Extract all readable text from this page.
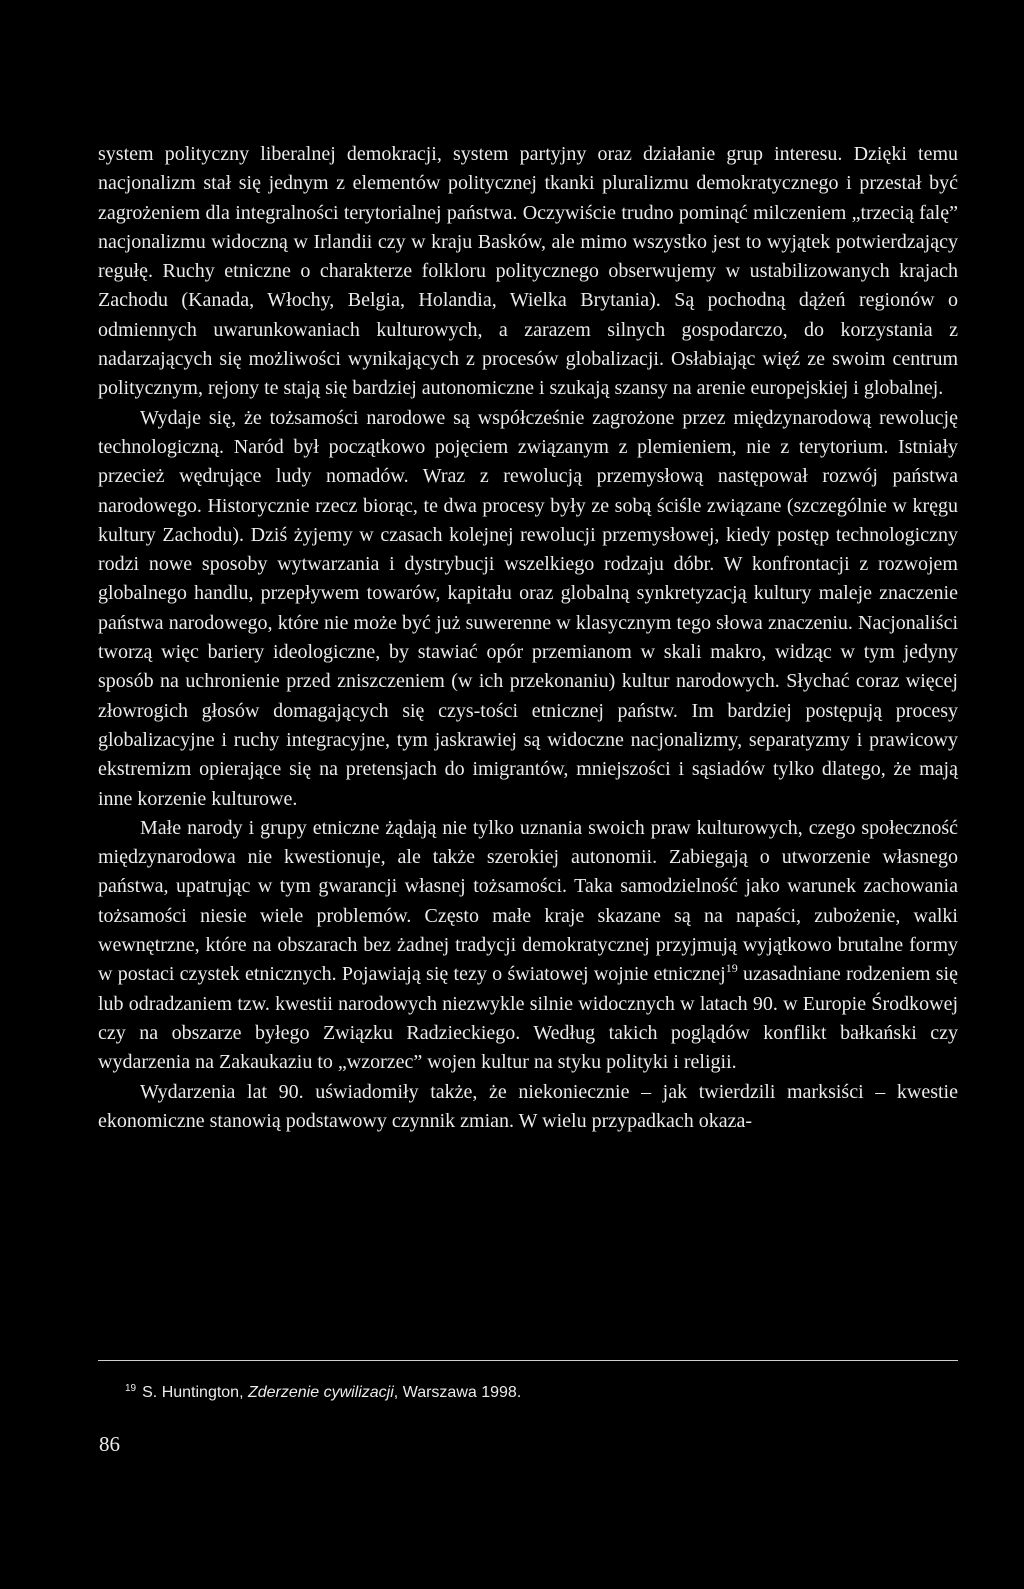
system polityczny liberalnej demokracji, system partyjny oraz działanie grup interesu. Dzięki temu nacjonalizm stał się jednym z elementów politycznej tkanki pluralizmu demokratycznego i przestał być zagrożeniem dla integralności terytorialnej państwa. Oczywiście trudno pominąć milczeniem „trzecią falę” nacjonalizmu widoczną w Irlandii czy w kraju Basków, ale mimo wszystko jest to wyjątek potwierdzający regułę. Ruchy etniczne o charakterze folkloru politycznego obserwujemy w ustabilizowanych krajach Zachodu (Kanada, Włochy, Belgia, Holandia, Wielka Brytania). Są pochodną dążeń regionów o odmiennych uwarunkowaniach kulturowych, a zarazem silnych gospodarczo, do korzystania z nadarzających się możliwości wynikających z procesów globalizacji. Osłabiając więź ze swoim centrum politycznym, rejony te stają się bardziej autonomiczne i szukają szansy na arenie europejskiej i globalnej.

Wydaje się, że tożsamości narodowe są współcześnie zagrożone przez międzynarodową rewolucję technologiczną. Naród był początkowo pojęciem związanym z plemieniem, nie z terytorium. Istniały przecież wędrujące ludy nomadów. Wraz z rewolucją przemysłową następował rozwój państwa narodowego. Historycznie rzecz biorąc, te dwa procesy były ze sobą ściśle związane (szczególnie w kręgu kultury Zachodu). Dziś żyjemy w czasach kolejnej rewolucji przemysłowej, kiedy postęp technologiczny rodzi nowe sposoby wytwarzania i dystrybucji wszelkiego rodzaju dóbr. W konfrontacji z rozwojem globalnego handlu, przepływem towarów, kapitału oraz globalną synkretyzacją kultury maleje znaczenie państwa narodowego, które nie może być już suwerenne w klasycznym tego słowa znaczeniu. Nacjonaliści tworzą więc bariery ideologiczne, by stawiać opór przemianom w skali makro, widząc w tym jedyny sposób na uchronienie przed zniszczeniem (w ich przekonaniu) kultur narodowych. Słychać coraz więcej złowrogich głosów domagających się czys-tości etnicznej państw. Im bardziej postępują procesy globalizacyjne i ruchy integracyjne, tym jaskrawiej są widoczne nacjonalizmy, separatyzmy i prawicowy ekstremizm opierające się na pretensjach do imigrantów, mniejszości i sąsiadów tylko dlatego, że mają inne korzenie kulturowe.

Małe narody i grupy etniczne żądają nie tylko uznania swoich praw kulturowych, czego społeczność międzynarodowa nie kwestionuje, ale także szerokiej autonomii. Zabiegają o utworzenie własnego państwa, upatrując w tym gwarancji własnej tożsamości. Taka samodzielność jako warunek zachowania tożsamości niesie wiele problemów. Często małe kraje skazane są na napaści, zubożenie, walki wewnętrzne, które na obszarach bez żadnej tradycji demokratycznej przyjmują wyjątkowo brutalne formy w postaci czystek etnicznych. Pojawiają się tezy o światowej wojnie etnicznej$^{19}$ uzasadniane rodzeniem się lub odradzaniem tzw. kwestii narodowych niezwykle silnie widocznych w latach 90. w Europie Środkowej czy na obszarze byłego Związku Radzieckiego. Według takich poglądów konflikt bałkański czy wydarzenia na Zakaukaziu to „wzorzec” wojen kultur na styku polityki i religii.

Wydarzenia lat 90. uświadomiły także, że niekoniecznie – jak twierdzili marksiści – kwestie ekonomiczne stanowią podstawowy czynnik zmian. W wielu przypadkach okaza-

$^{19}$ S. Huntington, Zderzenie cywilizacji, Warszawa 1998.
86
